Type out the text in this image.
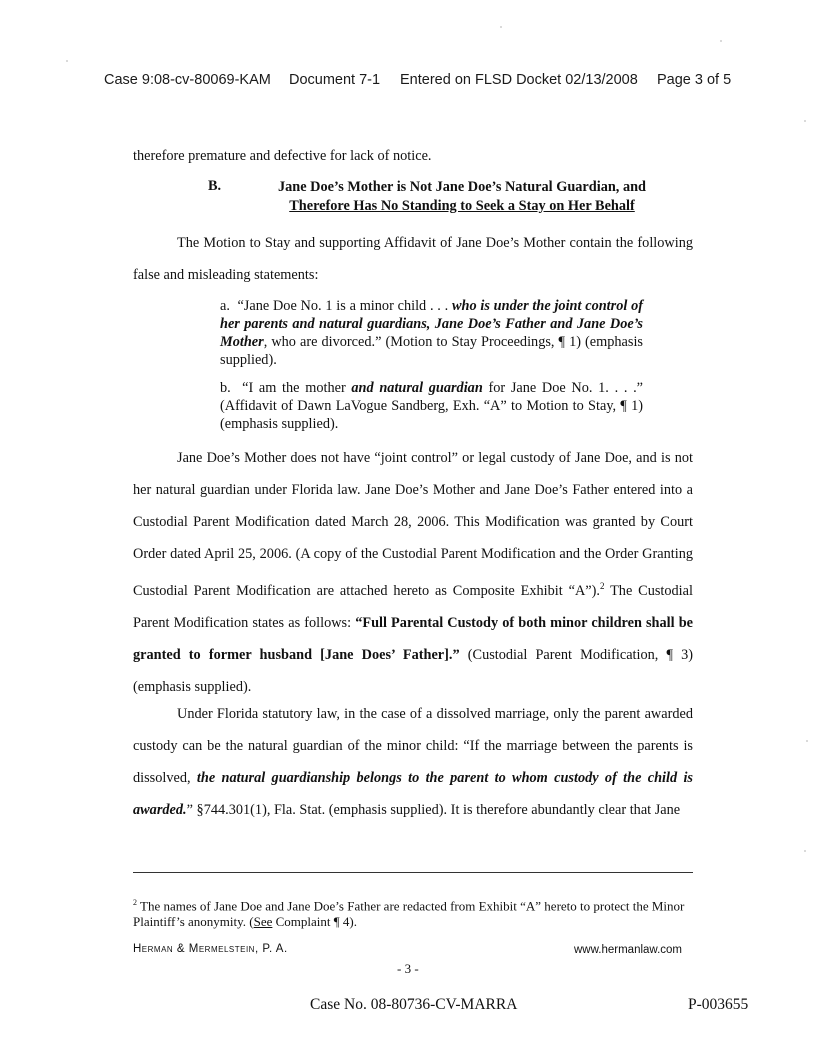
Case 9:08-cv-80069-KAM Document 7-1 Entered on FLSD Docket 02/13/2008 Page 3 of 5
therefore premature and defective for lack of notice.
B.	Jane Doe’s Mother is Not Jane Doe’s Natural Guardian, and
Therefore Has No Standing to Seek a Stay on Her Behalf
The Motion to Stay and supporting Affidavit of Jane Doe’s Mother contain the following false and misleading statements:
a. “Jane Doe No. 1 is a minor child . . . who is under the joint control of her parents and natural guardians, Jane Doe’s Father and Jane Doe’s Mother, who are divorced.” (Motion to Stay Proceedings, ¶ 1) (emphasis supplied).
b. “I am the mother and natural guardian for Jane Doe No. 1. . . .” (Affidavit of Dawn LaVogue Sandberg, Exh. “A” to Motion to Stay, ¶ 1) (emphasis supplied).
Jane Doe’s Mother does not have “joint control” or legal custody of Jane Doe, and is not her natural guardian under Florida law. Jane Doe’s Mother and Jane Doe’s Father entered into a Custodial Parent Modification dated March 28, 2006. This Modification was granted by Court Order dated April 25, 2006. (A copy of the Custodial Parent Modification and the Order Granting Custodial Parent Modification are attached hereto as Composite Exhibit “A”).$^2$ The Custodial Parent Modification states as follows: “Full Parental Custody of both minor children shall be granted to former husband [Jane Does’ Father].” (Custodial Parent Modification, ¶ 3) (emphasis supplied).
Under Florida statutory law, in the case of a dissolved marriage, only the parent awarded custody can be the natural guardian of the minor child: “If the marriage between the parents is dissolved, the natural guardianship belongs to the parent to whom custody of the child is awarded.” §744.301(1), Fla. Stat. (emphasis supplied). It is therefore abundantly clear that Jane
$^2$ The names of Jane Doe and Jane Doe’s Father are redacted from Exhibit “A” hereto to protect the Minor Plaintiff’s anonymity. (See Complaint ¶ 4).
Herman & Mermelstein, P. A.	www.hermanlaw.com
- 3 -
Case No. 08-80736-CV-MARRA	P-003655
